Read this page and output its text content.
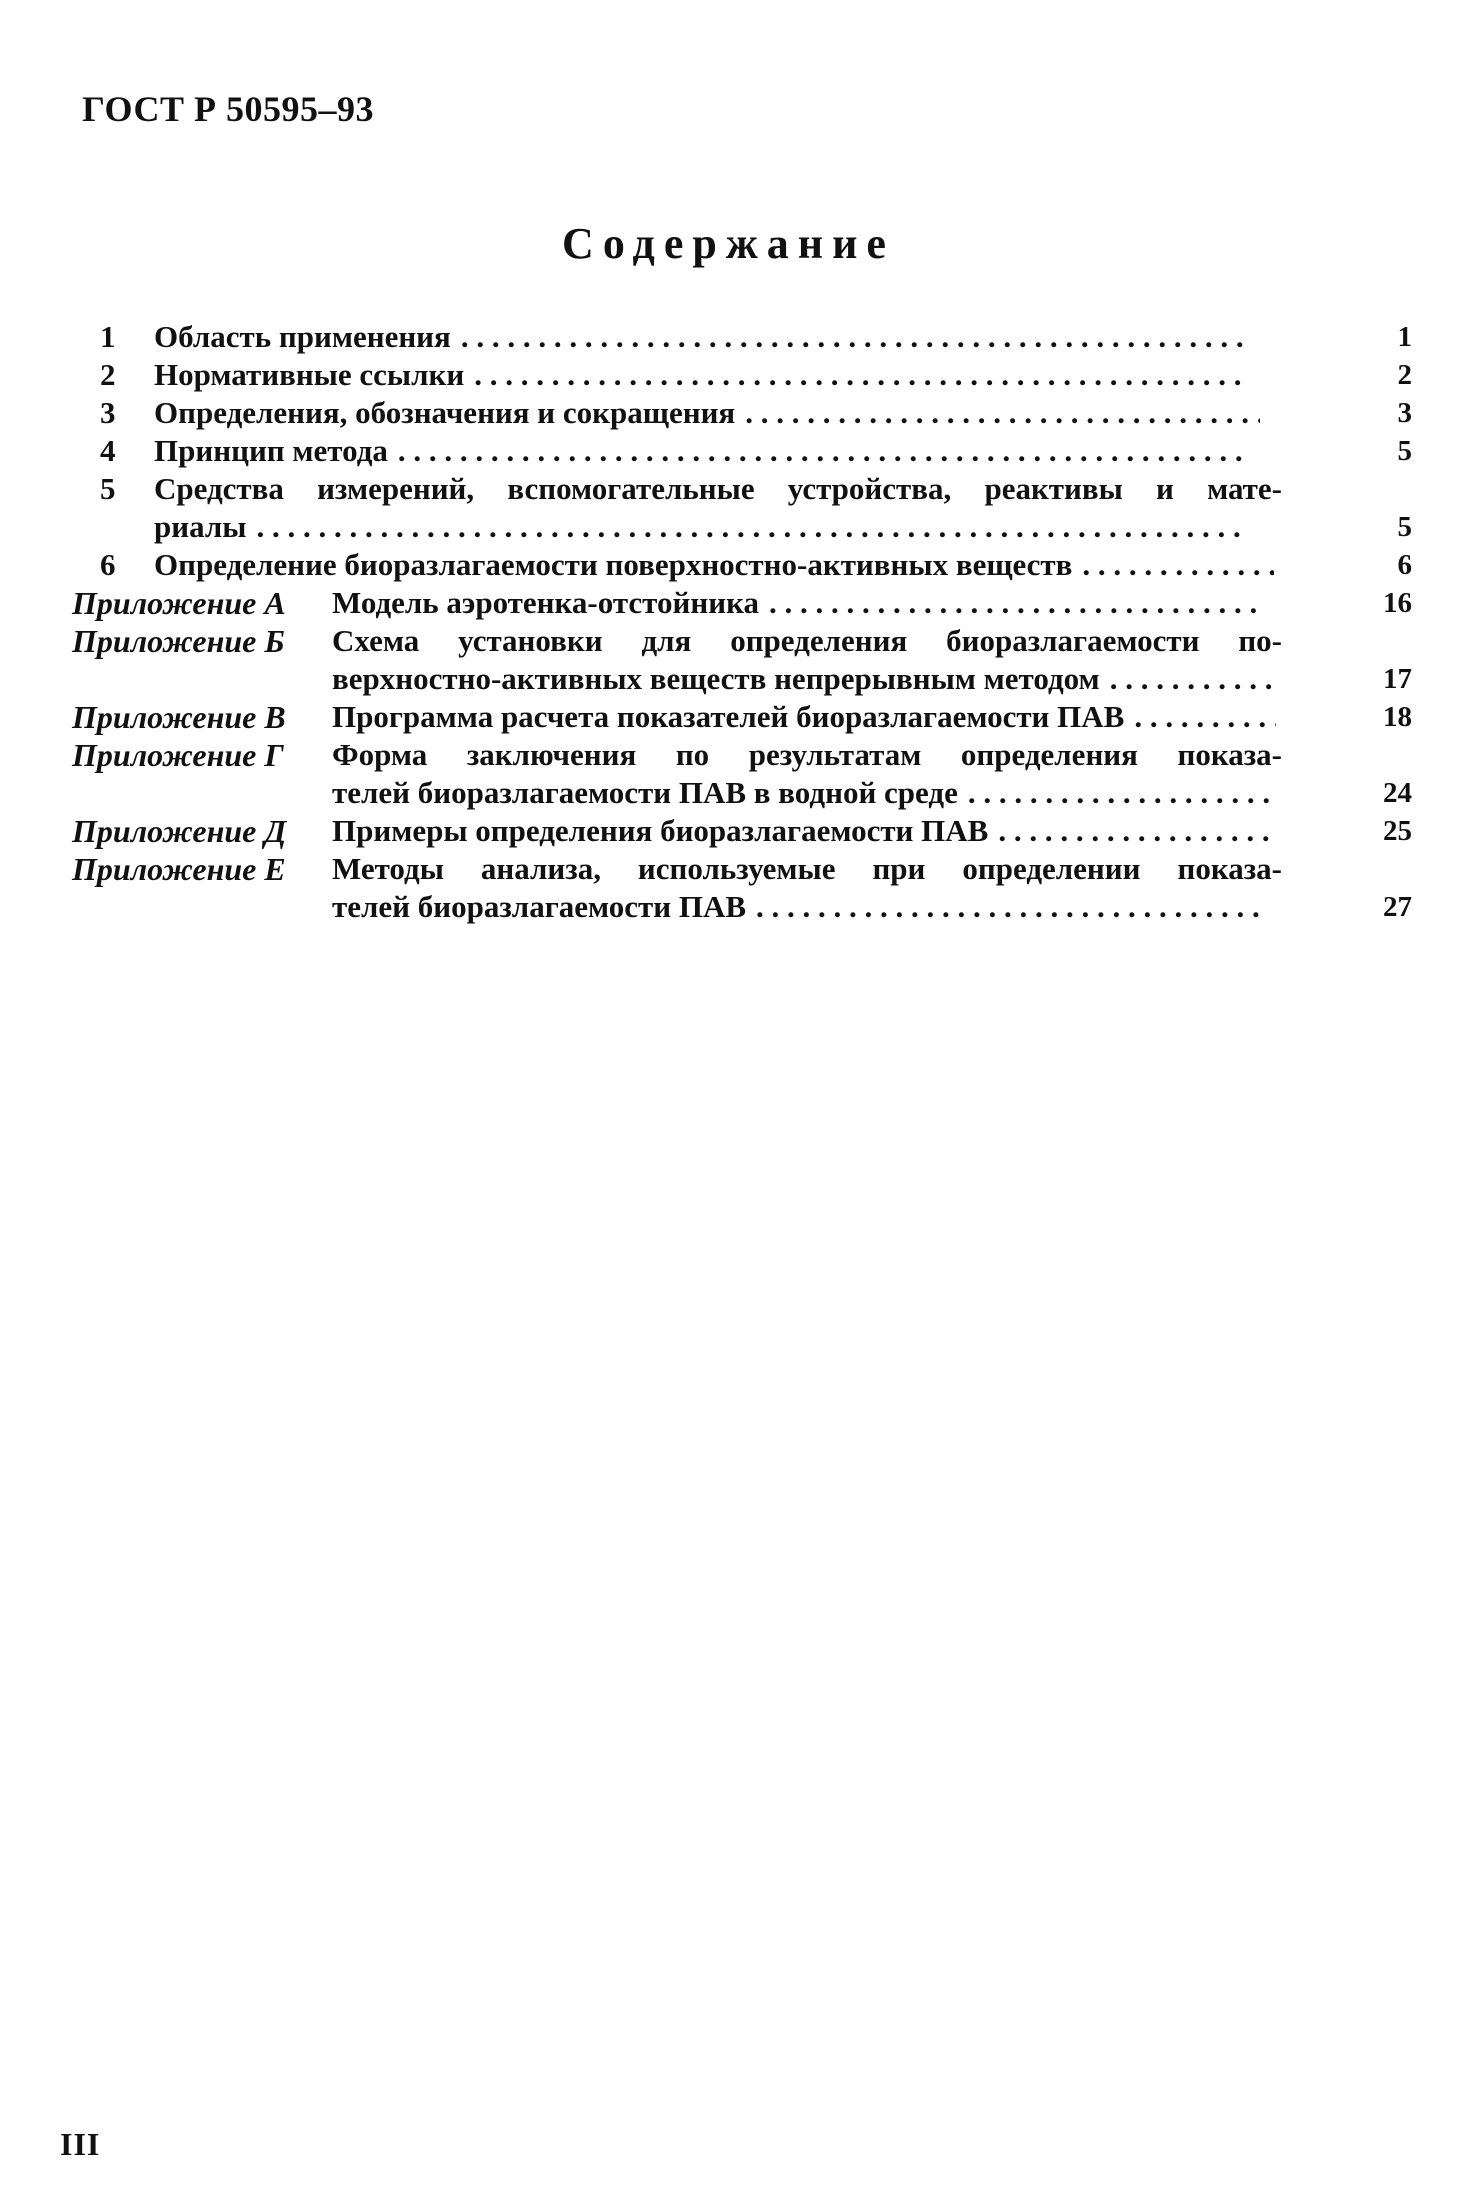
ГОСТ Р 50595–93
Содержание
1	Область применения . . .	1
2	Нормативные ссылки . . .	2
3	Определения, обозначения и сокращения . . .	3
4	Принцип метода . . .	5
5	Средства измерений, вспомогательные устройства, реактивы и мате-
риалы . . .	5
6	Определение биоразлагаемости поверхностно-активных веществ . . .	6
Приложение А	Модель аэротенка-отстойника . . .	16
Приложение Б	Схема установки для определения биоразлагаемости по-
верхностно-активных веществ непрерывным методом . . .	17
Приложение В	Программа расчета показателей биоразлагаемости ПАВ . . .	18
Приложение Г	Форма заключения по результатам определения показа-
телей биоразлагаемости ПАВ в водной среде . . .	24
Приложение Д	Примеры определения биоразлагаемости ПАВ . . .	25
Приложение Е	Методы анализа, используемые при определении показа-
телей биоразлагаемости ПАВ . . .	27
III
